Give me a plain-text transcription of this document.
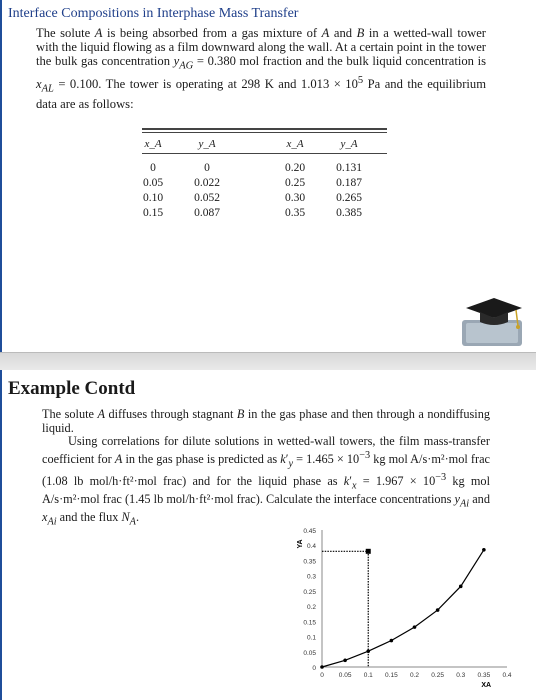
Interface Compositions in Interphase Mass Transfer
The solute A is being absorbed from a gas mixture of A and B in a wetted-wall tower with the liquid flowing as a film downward along the wall. At a certain point in the tower the bulk gas concentration $y_{AG} = 0.380$ mol fraction and the bulk liquid concentration is $x_{AL} = 0.100$. The tower is operating at 298 K and $1.013 \times 10^5$ Pa and the equilibrium data are as follows:
x_A	y_A	x_A	y_A
0	0	0.20	0.131
0.05	0.022	0.25	0.187
0.10	0.052	0.30	0.265
0.15	0.087	0.35	0.385
Example Contd
The solute A diffuses through stagnant B in the gas phase and then through a nondiffusing liquid.
Using correlations for dilute solutions in wetted-wall towers, the film mass-transfer coefficient for A in the gas phase is predicted as $k'_y = 1.465 \times 10^{-3}$ kg mol A/s·m²·mol frac (1.08 lb mol/h·ft²·mol frac) and for the liquid phase as $k'_x = 1.967 \times 10^{-3}$ kg mol A/s·m²·mol frac (1.45 lb mol/h·ft²·mol frac). Calculate the interface concentrations $y_{Ai}$ and $x_{Ai}$ and the flux $N_A$.
0
0.05
0.1
0.15
0.2
0.25
0.3
0.35
0.4
0.45
0 0.05 0.1 0.15 0.2 0.25 0.3 0.35 0.4
XA
YA
